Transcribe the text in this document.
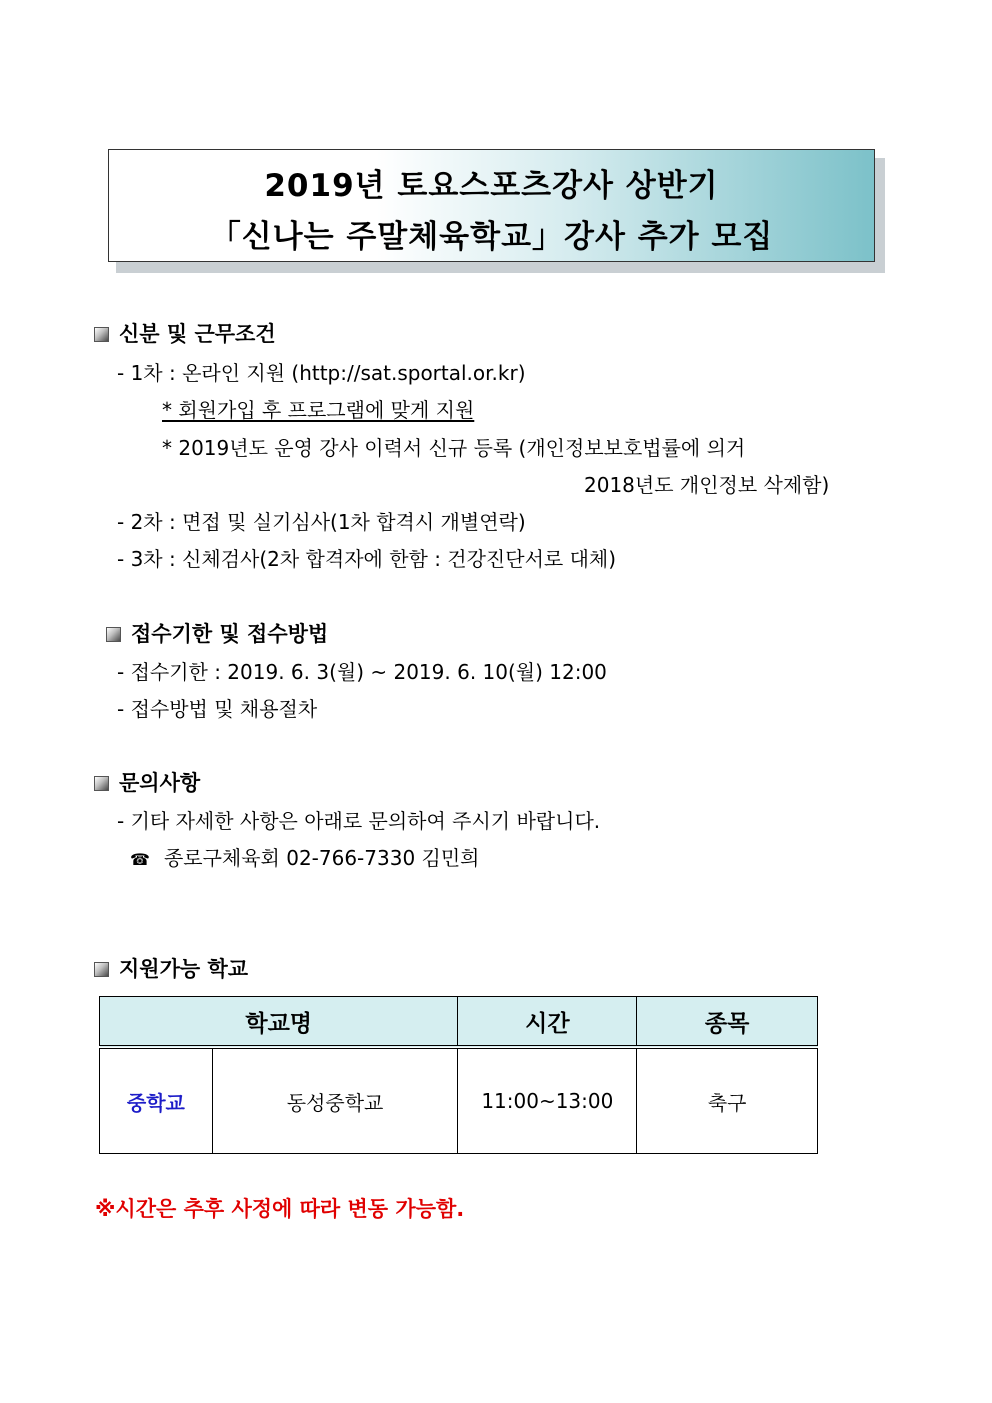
2019년 토요스포츠강사 상반기
「신나는 주말체육학교」강사 추가 모집
신분 및 근무조건
- 1차 : 온라인 지원 (http://sat.sportal.or.kr)
* 회원가입 후 프로그램에 맞게 지원
* 2019년도 운영 강사 이력서 신규 등록 (개인정보보호법률에 의거
2018년도 개인정보 삭제함)
- 2차 : 면접 및 실기심사(1차 합격시 개별연락)
- 3차 : 신체검사(2차 합격자에 한함 : 건강진단서로 대체)
접수기한 및 접수방법
- 접수기한 : 2019. 6. 3(월) ~ 2019. 6. 10(월) 12:00
- 접수방법 및 채용절차
문의사항
- 기타 자세한 사항은 아래로 문의하여 주시기 바랍니다.
☎ 종로구체육회 02-766-7330 김민희
지원가능 학교
학교명		시간	종목
중학교	동성중학교	11:00~13:00	축구
※시간은 추후 사정에 따라 변동 가능함.
